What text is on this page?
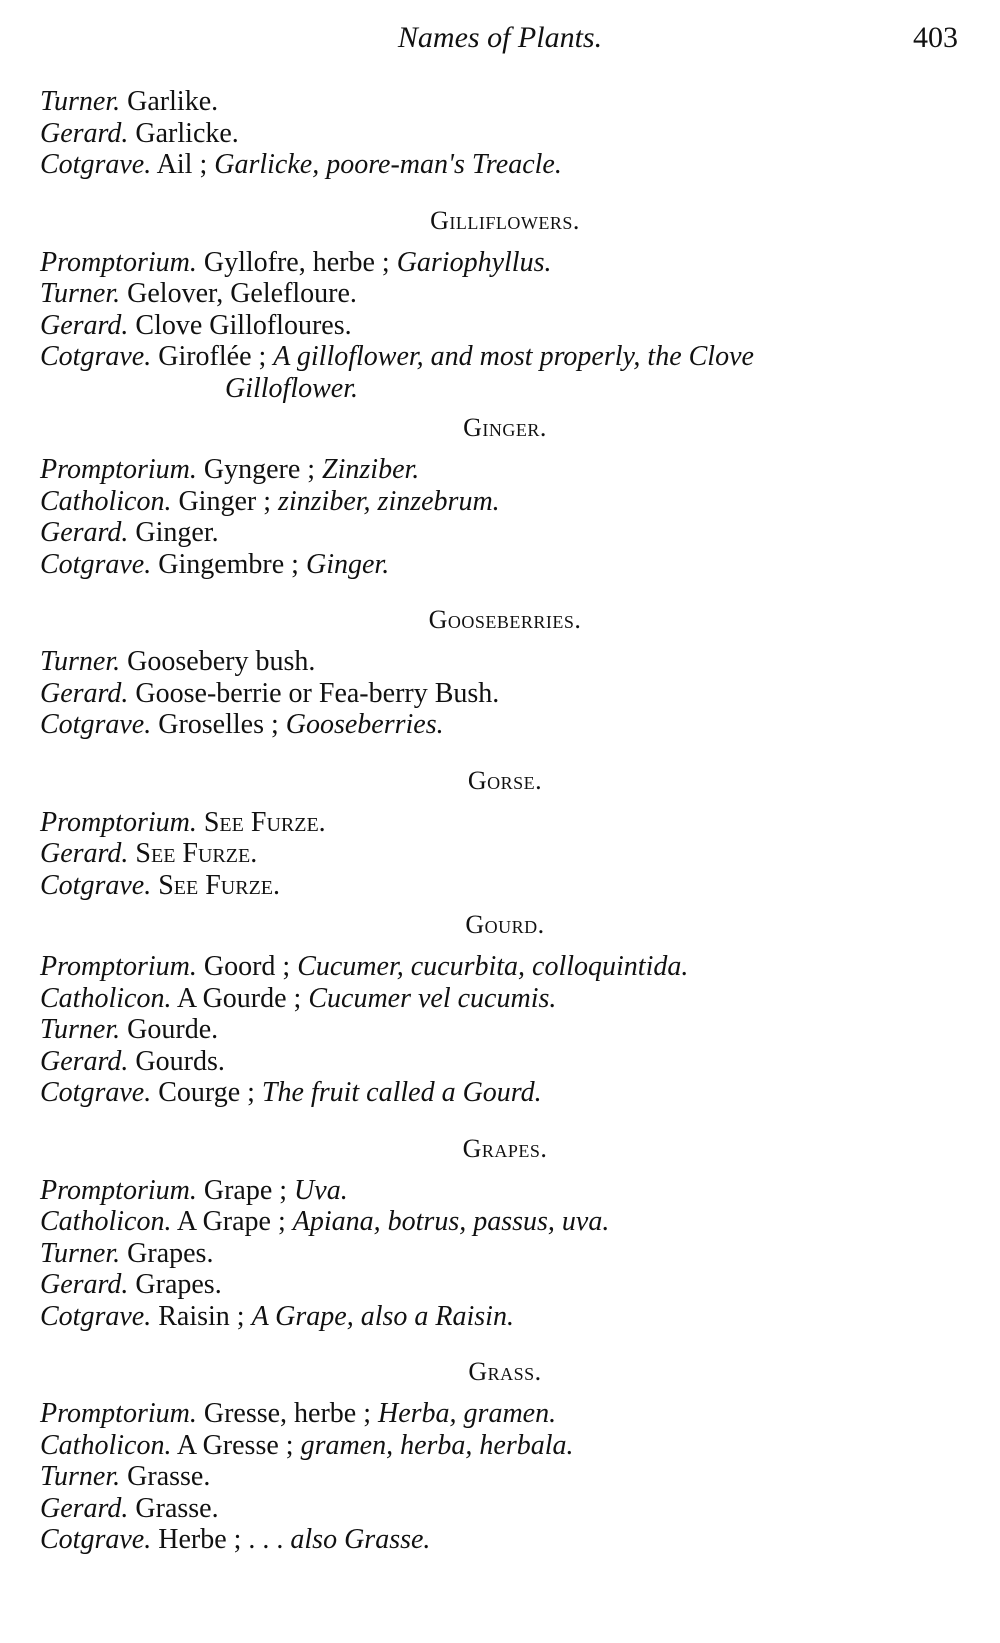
Names of Plants.	403

Turner. Garlike.

Gerard. Garlicke.

Cotgrave. Ail ; Garlicke, poore-man's Treacle.

Gilliflowers.

Promptorium. Gyllofre, herbe ; Gariophyllus.

Turner. Gelover, Geleflоure.

Gerard. Clove Gillofloures.

Cotgrave. Giroflée ; A gilloflower, and most properly, the Clove
Gilloflower.

Ginger.

Promptorium. Gyngere ; Zinziber.

Catholicon. Ginger ; zinziber, zinzebrum.

Gerard. Ginger.

Cotgrave. Gingembre ; Ginger.

Gooseberries.

Turner. Goosebery bush.

Gerard. Goose-berrie or Fea-berry Bush.

Cotgrave. Groselles ; Gooseberries.

Gorse.

Promptorium. See Furze.

Gerard. See Furze.

Cotgrave. See Furze.

Gourd.

Promptorium. Goord ; Cucumer, cucurbita, colloquintida.

Catholicon. A Gourde ; Cucumer vel cucumis.

Turner. Gourde.

Gerard. Gourds.

Cotgrave. Courge ; The fruit called a Gourd.

Grapes.

Promptorium. Grape ; Uva.

Catholicon. A Grape ; Apiana, botrus, passus, uva.

Turner. Grapes.

Gerard. Grapes.

Cotgrave. Raisin ; A Grape, also a Raisin.

Grass.

Promptorium. Gresse, herbe ; Herba, gramen.

Catholicon. A Gresse ; gramen, herba, herbala.

Turner. Grasse.

Gerard. Grasse.

Cotgrave. Herbe ; . . . also Grasse.
